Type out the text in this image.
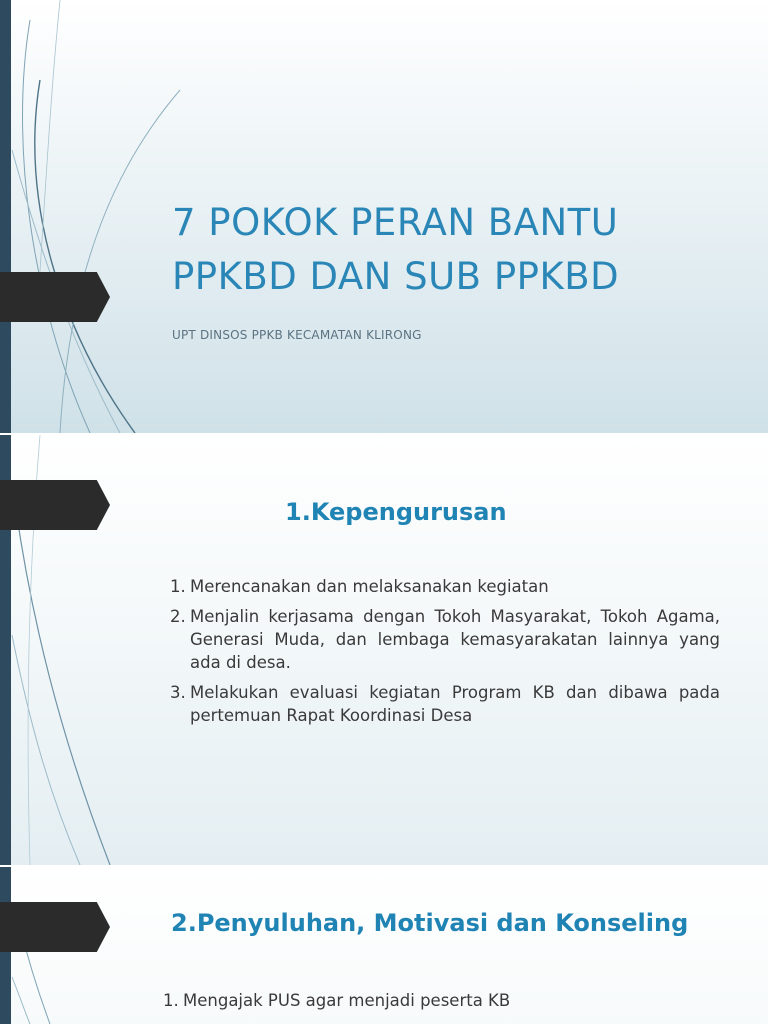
7 POKOK PERAN BANTU
PPKBD DAN SUB PPKBD
UPT DINSOS PPKB KECAMATAN KLIRONG
1.Kepengurusan
1. Merencanakan dan melaksanakan kegiatan
2. Menjalin kerjasama dengan Tokoh Masyarakat, Tokoh Agama, Generasi Muda, dan lembaga kemasyarakatan lainnya yang ada di desa.
3. Melakukan evaluasi kegiatan Program KB dan dibawa pada pertemuan Rapat Koordinasi Desa
2.Penyuluhan, Motivasi dan Konseling
1. Mengajak PUS agar menjadi peserta KB
